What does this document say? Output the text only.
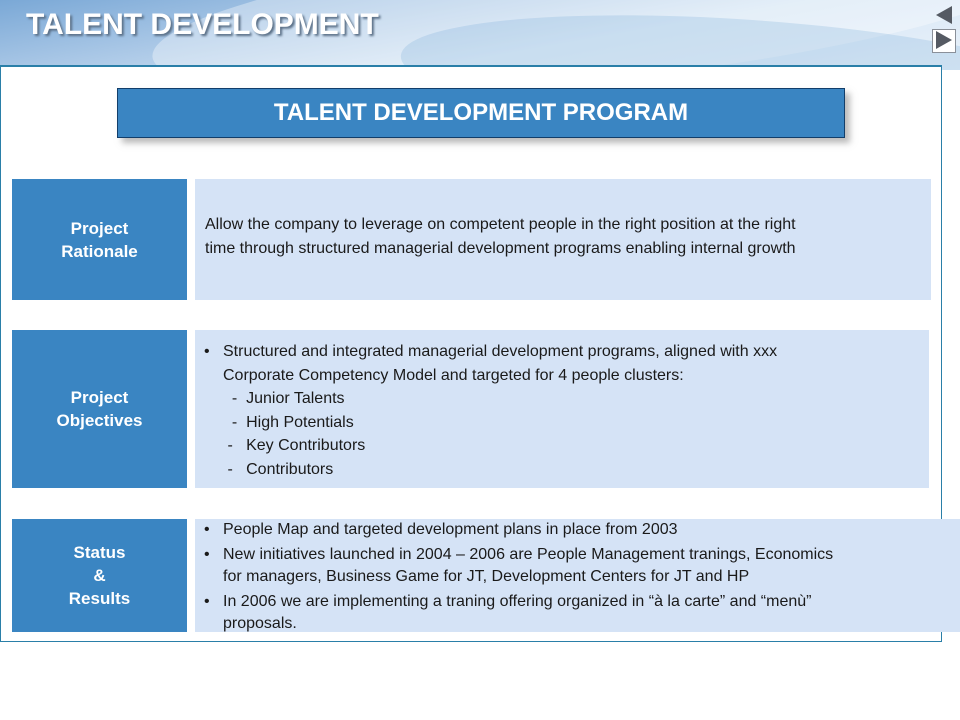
TALENT DEVELOPMENT
TALENT DEVELOPMENT PROGRAM
Project
Rationale
Allow the company to leverage on competent people in the right position at the right
time through structured managerial development programs enabling internal growth
Project
Objectives
• Structured and integrated managerial development programs, aligned with xxx
Corporate Competency Model and targeted for 4 people clusters:
-  Junior Talents
-  High Potentials
-   Key Contributors
-   Contributors
Status
&
Results
• People Map and targeted development plans in place from 2003
• New initiatives launched in 2004 – 2006 are People Management tranings, Economics
for managers, Business Game for JT, Development Centers for JT and HP
• In 2006 we are implementing a traning offering organized in “à la carte” and “menù”
proposals.
